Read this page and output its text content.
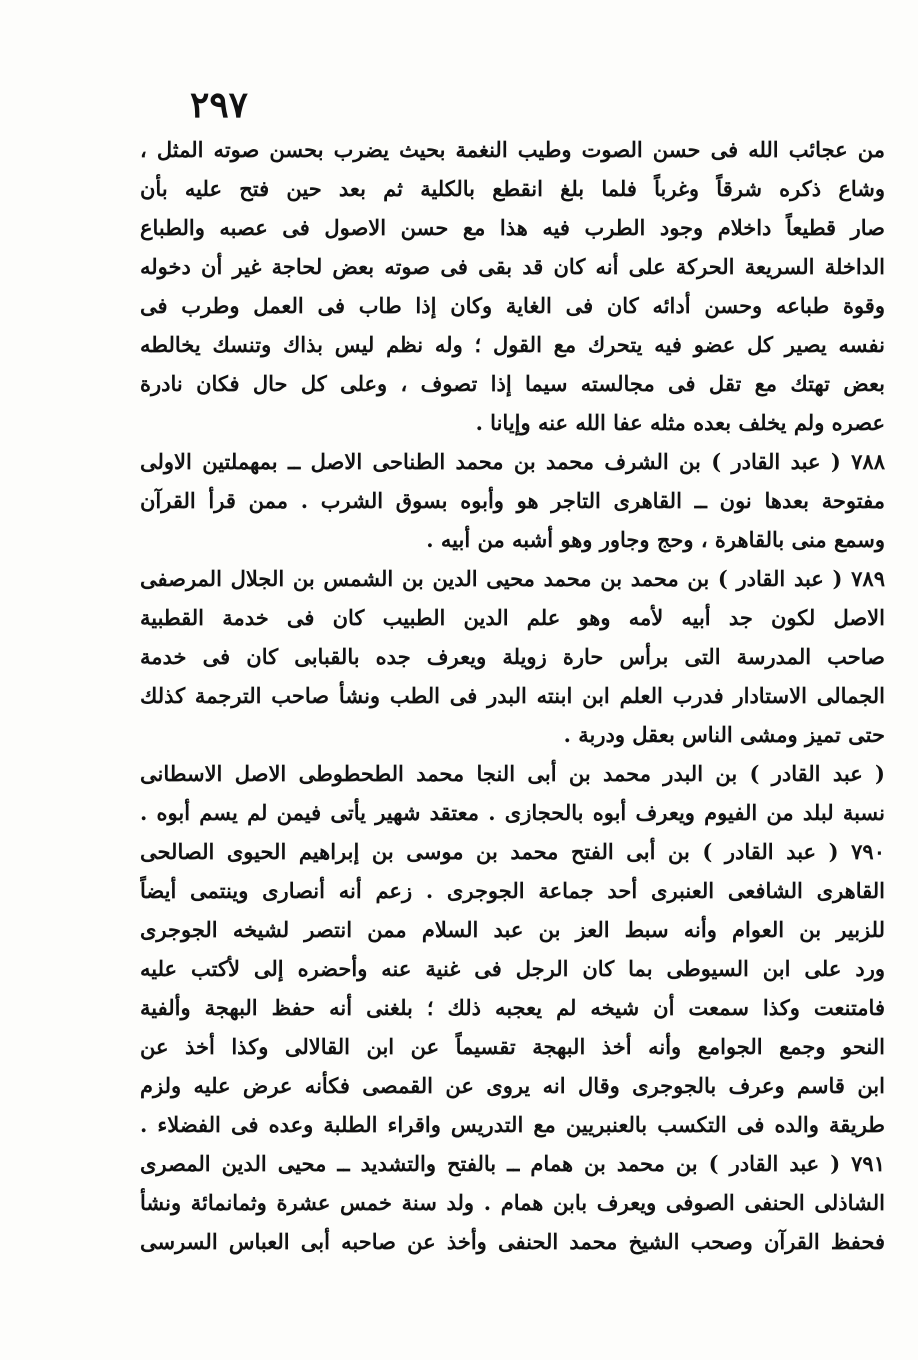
٢٩٧
من عجائب الله فى حسن الصوت وطيب النغمة بحيث يضرب بحسن صوته المثل ،
وشاع ذكره شرقاً وغرباً فلما بلغ انقطع بالكلية ثم بعد حين فتح عليه بأن
صار قطيعاً داخلام وجود الطرب فيه هذا مع حسن الاصول فى عصبه والطباع
الداخلة السريعة الحركة على أنه كان قد بقى فى صوته بعض لحاجة غير أن دخوله
وقوة طباعه وحسن أدائه كان فى الغاية وكان إذا طاب فى العمل وطرب فى
نفسه يصير كل عضو فيه يتحرك مع القول ؛ وله نظم ليس بذاك وتنسك يخالطه
بعض تهتك مع تقل فى مجالسته سيما إذا تصوف ، وعلى كل حال فكان نادرة
عصره ولم يخلف بعده مثله عفا الله عنه وإيانا .
٧٨٨ ( عبد القادر ) بن الشرف محمد بن محمد الطناحى الاصل ــ بمهملتين الاولى
مفتوحة بعدها نون ــ القاهرى التاجر هو وأبوه بسوق الشرب . ممن قرأ القرآن
وسمع منى بالقاهرة ، وحج وجاور وهو أشبه من أبيه .
٧٨٩ ( عبد القادر ) بن محمد بن محمد محيى الدين بن الشمس بن الجلال المرصفى
الاصل لكون جد أبيه لأمه وهو علم الدين الطبيب كان فى خدمة القطبية
صاحب المدرسة التى برأس حارة زويلة ويعرف جده بالقبابى كان فى خدمة
الجمالى الاستادار فدرب العلم ابن ابنته البدر فى الطب ونشأ صاحب الترجمة كذلك
حتى تميز ومشى الناس بعقل ودربة .
( عبد القادر ) بن البدر محمد بن أبى النجا محمد الطحطوطى الاصل الاسطانى
نسبة لبلد من الفيوم ويعرف أبوه بالحجازى . معتقد شهير يأتى فيمن لم يسم أبوه .
٧٩٠ ( عبد القادر ) بن أبى الفتح محمد بن موسى بن إبراهيم الحيوى الصالحى
القاهرى الشافعى العنبرى أحد جماعة الجوجرى . زعم أنه أنصارى وينتمى أيضاً
للزبير بن العوام وأنه سبط العز بن عبد السلام ممن انتصر لشيخه الجوجرى
ورد على ابن السيوطى بما كان الرجل فى غنية عنه وأحضره إلى لأكتب عليه
فامتنعت وكذا سمعت أن شيخه لم يعجبه ذلك ؛ بلغنى أنه حفظ البهجة وألفية
النحو وجمع الجوامع وأنه أخذ البهجة تقسيماً عن ابن القالالى وكذا أخذ عن
ابن قاسم وعرف بالجوجرى وقال انه يروى عن القمصى فكأنه عرض عليه ولزم
طريقة والده فى التكسب بالعنبريين مع التدريس واقراء الطلبة وعده فى الفضلاء .
٧٩١ ( عبد القادر ) بن محمد بن همام ــ بالفتح والتشديد ــ محيى الدين المصرى
الشاذلى الحنفى الصوفى ويعرف بابن همام . ولد سنة خمس عشرة وثمانمائة ونشأ
فحفظ القرآن وصحب الشيخ محمد الحنفى وأخذ عن صاحبه أبى العباس السرسى
